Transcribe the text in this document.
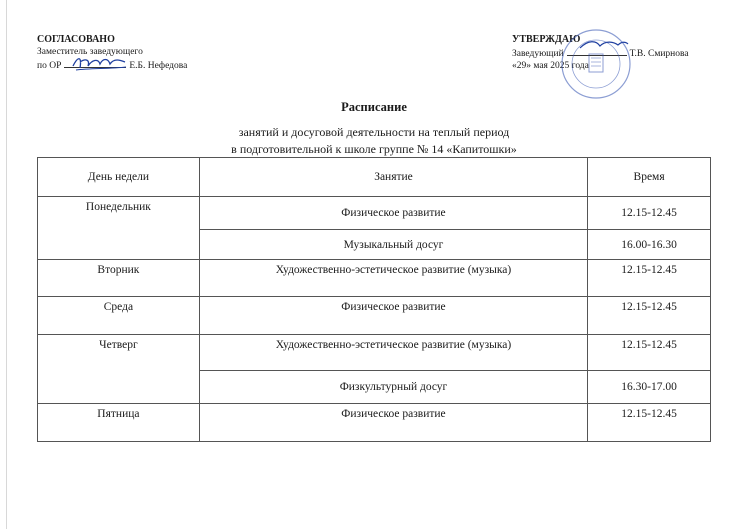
СОГЛАСОВАНО
Заместитель заведующего
по ОР	Е.Б. Нефедова
УТВЕРЖДАЮ
Заведующий	Т.В. Смирнова
«29» мая 2025 года
Расписание
занятий и досуговой деятельности на теплый период
в подготовительной к школе группе № 14 «Капитошки»
День недели	Занятие	Время
Понедельник	Физическое развитие	12.15-12.45
	Музыкальный досуг	16.00-16.30
Вторник	Художественно-эстетическое развитие (музыка)	12.15-12.45
Среда	Физическое развитие	12.15-12.45
Четверг	Художественно-эстетическое развитие (музыка)	12.15-12.45
	Физкультурный досуг	16.30-17.00
Пятница	Физическое развитие	12.15-12.45
